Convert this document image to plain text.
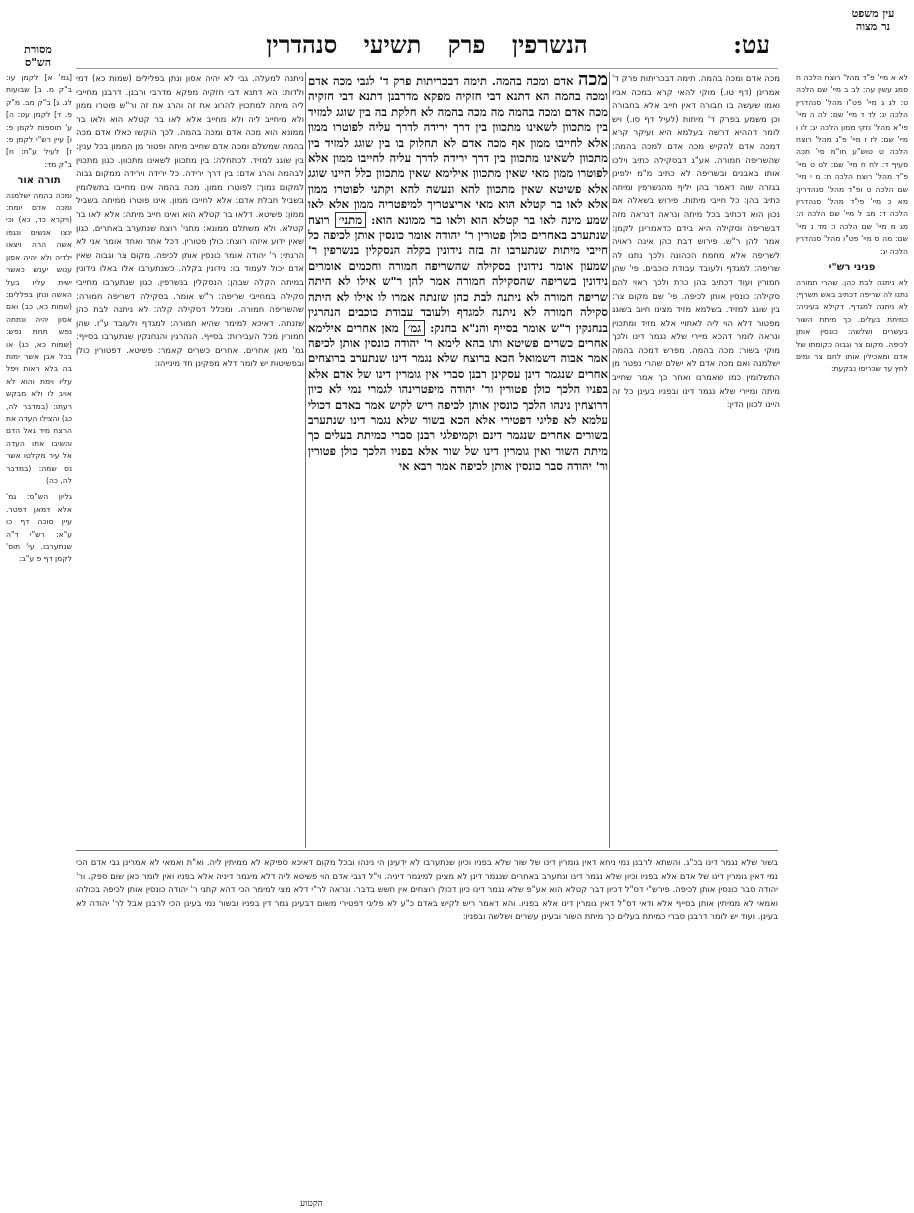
עט:
הנשרפין פרק תשיעי סנהדרין
עין משפט
נר מצוה
מסורת
הש"ס
לא א מיי' פ"ד מהל' רוצח הלכה ח סמג עשין עה: לב ב מיי' שם הלכה ט: לג ג מיי' פט"ו מהל' סנהדרין הלכה יג: לד ד מיי' שם: לה ה מיי' פי"א מהל' נזקי ממון הלכה יג: לו ו מיי' שם: לז ז מיי' פ"ג מהל' רוצח הלכה ט טוש"ע חו"מ סי' תכה סעיף ד: לח ח מיי' שם: לט ט מיי' פ"ד מהל' רוצח הלכה ח: מ י מיי' שם הלכה ט ופ"ד מהל' סנהדרין: מא כ מיי' פי"ד מהל' סנהדרין הלכה ד: מב ל מיי' שם הלכה ה: מג מ מיי' שם הלכה ו: מד נ מיי' שם: מה ס מיי' פט"ו מהל' סנהדרין הלכה יג:
פניני רש"י
לא ניתנה לבת כהן. שהרי חמורה נתנו לה שריפה דכתיב באש תשרף: לא ניתנה למגדף. דקילא בעיניה: כמיתת בעלים. כך מיתת השור בעשרים ושלשה: כונסין אותן לכיפה. מקום צר וגבוה כקומתו של אדם ומאכילין אותו לחם צר ומים לחץ עד שכריסו נבקעת:
[גמ' א] לקמן עו: ב"ק מ. ב] שבועות לג. ג] ב"ק מב. מ"ק פ. ד] לקמן עט: ה] ע' תוספות לקמן פ: ו] עיין רש"י לקמן פ: ז] לעיל ע"ח: ח] ב"ק מד:
תורה אור
ומכה בהמה ישלמנה ומכה אדם יומת: (ויקרא כד, כא) וכי ינצו אנשים ונגפו אשה הרה ויצאו ילדיה ולא יהיה אסון ענוש יענש כאשר ישית עליו בעל האשה ונתן בפללים: (שמות כא, כב) ואם אסון יהיה ונתתה נפש תחת נפש: (שמות כא, כג) או בכל אבן אשר ימות בה בלא ראות ויפל עליו וימת והוא לא אויב לו ולא מבקש רעתו: (במדבר לה, כג) והצילו העדה את הרצח מיד גאל הדם והשיבו אתו העדה אל עיר מקלטו אשר נס שמה: (במדבר לה, כה)
גליון הש"ס: גמ' אלא דמאן דפטר. עיין סוכה דף כו ע"א: רש"י ד"ה שנתערבו. עי' תוס' לקמן דף פ ע"ב:
מכה אדם ומכה בהמה. תימה דבכריתות פרק ד' אמרינן (דף טו.) מוקי להאי קרא במכה אביו ואמו שעשה בו חבורה דאין חייב אלא בחבורה וכן משמע בפרק ד' מיתות (לעיל דף סו.) ויש לומר דההיא דרשה בעלמא היא ועיקר קרא דמכה אדם להקיש מכה אדם למכה בהמה: שהשריפה חמורה. אע"ג דבסקילה כתיב וילכו אותו באבנים ובשריפה לא כתיב מ"מ ילפינן בגזרה שוה דאמר בהן יליף מהנשרפין ומיתה כתיב בהן: כל חייבי מיתות. פירוש בשאלה אם נכון הוא דכתיב בכל מיתה ונראה דנראה מזה דבשריפה וסקילה היא בידם כדאמרינן לקמן: אמר להן ר"ש. פירוש דבת כהן אינה ראויה לשריפה אלא מחמת הכהונה ולכך נתנו לה שריפה: למגדף ולעובד עבודת כוכבים. פי' שהן חמורין ועוד דכתיב בהן כרת ולכך ראוי להם סקילה: כונסין אותן לכיפה. פי' שם מקום צר: בין שוגג למזיד. בשלמא מזיד מצינו חיוב בשוגג מפטור דלא הוי ליה לאתויי אלא מזיד ומתכוין ונראה לומר דהכא מיירי שלא נגמר דינו ולכך מוקי בשור: מכה בהמה. מפרש דמכה בהמה ישלמנה ואם מכה אדם לא ישלם שהרי נפטר מן התשלומין כמו שאמרנו ואחר כך אמר שחייב מיתה ומיירי שלא נגמר דינו ובפניו בעינן כל זה היינו לכוון הדין:
מכה אדם ומכה בהמה. תימה דבכריתות פרק ד' לגבי מכה אדם ומכה בהמה הא דתנא דבי חזקיה מפקא מדרבנן דתנא דבי חזקיה מכה אדם ומכה בהמה מה מכה בהמה לא חלקת בה בין שוגג למזיד בין מתכוון לשאינו מתכוון בין דרך ירידה לדרך עליה לפוטרו ממון אלא לחייבו ממון אף מכה אדם לא תחלוק בו בין שוגג למזיד בין מתכוון לשאינו מתכוון בין דרך ירידה לדרך עליה לחייבו ממון אלא לפוטרו ממון מאי שאין מתכוון אילימא שאין מתכוון כלל היינו שוגג אלא פשיטא שאין מתכוון להא ונעשה להא וקתני לפוטרו ממון אלא לאו בר קטלא הוא מאי אריצטריך למיפטריה ממון אלא לאו שמע מינה לאו בר קטלא הוא ולאו בר ממונא הוא: מתני׳ רוצח שנתערב באחרים כולן פטורין ר' יהודה אומר כונסין אותן לכיפה כל חייבי מיתות שנתערבו זה בזה נידונין בקלה הנסקלין בנשרפין ר' שמעון אומר נידונין בסקילה שהשריפה חמורה וחכמים אומרים נידונין בשריפה שהסקילה חמורה אמר להן ר"ש אילו לא היתה שריפה חמורה לא ניתנה לבת כהן שזנתה אמרו לו אילו לא היתה סקילה חמורה לא ניתנה למגדף ולעובד עבודת כוכבים הנהרגין בנחנקין ר"ש אומר בסייף והנ"א בחנק: גמ׳ מאן אחרים אילימא אחרים כשרים פשיטא ותו בהא לימא ר' יהודה כונסין אותן לכיפה אמר אבוה דשמואל הכא ברוצח שלא נגמר דינו שנתערב ברוצחים אחרים שנגמר דינן עסקינן רבנן סברי אין גומרין דינו של אדם אלא בפניו הלכך כולן פטורין ור' יהודה מיפטרינהו לגמרי נמי לא כיון דרוצחין נינהו הלכך כונסין אותן לכיפה ריש לקיש אמר באדם דכולי עלמא לא פליגי דפטירי אלא הכא בשור שלא נגמר דינו שנתערב בשורים אחרים שנגמר דינם וקמיפלגי רבנן סברי כמיתת בעלים כך מיתת השור ואין גומרין דינו של שור אלא בפניו הלכך כולן פטורין ור' יהודה סבר כונסין אותן לכיפה אמר רבא אי
ניתנה למעלה. גבי לא יהיה אסון ונתן בפלילים (שמות כא) דמי ולדות: הא דתנא דבי חזקיה מפקא מדרבי ורבנן. דרבנן מחייבי ליה מיתה למתכוין להרוג את זה והרג את זה ור"ש פוטרו ממון ולא מיחייב ליה ולא מחייב אלא לאו בר קטלא הוא ולאו בר ממונא הוא מכה אדם ומכה בהמה. לכך הוקשו כאלו אדם מכה בהמה שמשלם ומכה אדם שחייב מיתה ופטור מן הממון בכל ענין: בין שוגג למזיד. לכתחלה: בין מתכוון לשאינו מתכוון. כגון מתכוין לבהמה והרג אדם: בין דרך ירידה. כל ירידה וירידה ממקום גבוה למקום נמוך: לפוטרו ממון. מכה בהמה אינו מחייבו בתשלומין בשביל חבלת אדם: אלא לחייבו ממון. אינו פוטרו ממיתה בשביל ממון: פשיטא. דלאו בר קטלא הוא ואינו חייב מיתה: אלא לאו בר קטלא. ולא משתלם ממונא: מתני' רוצח שנתערב באחרים. כגון שאין ידוע איזהו רוצח: כולן פטורין. דכל אחד ואחד אומר אני לא הרגתי: ר' יהודה אומר כונסין אותן לכיפה. מקום צר וגבוה שאין אדם יכול לעמוד בו: נידונין בקלה. כשנתערבו אלו באלו נידונין במיתה הקלה שבהן: הנסקלין בנשרפין. כגון שנתערבו מחייבי סקילה במחייבי שריפה: ר"ש אומר. בסקילה דשריפה חמורה: שהשריפה חמורה. ומכלל דסקילה קלה: לא ניתנה לבת כהן שזנתה. דאיכא למימר שהיא חמורה: למגדף ולעובד ע"ז. שהן חמורין מכל העבירות: בסייף. הנהרגין והנחנקין שנתערבו בסייף: גמ' מאן אחרים. אחרים כשרים קאמר: פשיטא. דפטורין כולן ובפשיטות יש לומר דלא מפקינן חד מינייהו:
בשור שלא נגמר דינו בכ"ג. והשתא לרבנן נמי ניחא דאין גומרין דינו של שור שלא בפניו וכיון שנתערבו לא ידעינן הי נינהו ובכל מקום דאיכא ספיקא לא ממיתין ליה. וא"ת ואמאי לא אמרינן גבי אדם הכי נמי דאין גומרין דינו של אדם אלא בפניו וכיון שלא נגמר דינו ונתערב באחרים שנגמר דינן לא מצינן למיגמר דיניה. וי"ל דגבי אדם הוי פשיטא ליה דלא מיגמר דיניה אלא בפניו ואין לומר כאן שום ספק. ור' יהודה סבר כונסין אותן לכיפה. פירש"י דס"ל דכיון דבר קטלא הוא אע"פ שלא נגמר דינו כיון דכולן רוצחים אין חשש בדבר. ונראה לר"י דלא מצי למימר הכי דהא קתני ר' יהודה כונסין אותן לכיפה בכולהו ואמאי לא ממיתין אותן בסייף אלא ודאי דס"ל דאין גומרין דינו אלא בפניו. והא דאמר ריש לקיש באדם כ"ע לא פליגי דפטירי משום דבעינן גמר דין בפניו ובשור נמי בעינן הכי לרבנן אבל לר' יהודה לא בעינן. ועוד יש לומר דרבנן סברי כמיתת בעלים כך מיתת השור ובעינן עשרים ושלשה ובפניו:
הקטוע
